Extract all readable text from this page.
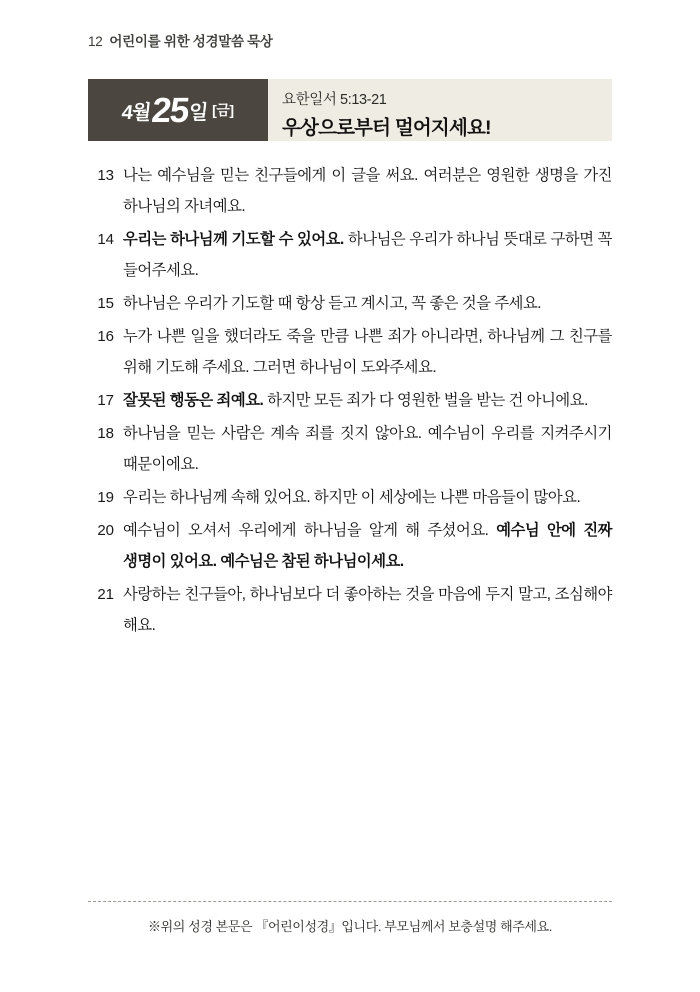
12 어린이를 위한 성경말씀 묵상
4월
25
일 [금]
요한일서 5:13-21
우상으로부터 멀어지세요!
13 나는 예수님을 믿는 친구들에게 이 글을 써요. 여러분은 영원한 생명을 가진 하나님의 자녀예요.
14 우리는 하나님께 기도할 수 있어요. 하나님은 우리가 하나님 뜻대로 구하면 꼭 들어주세요.
15 하나님은 우리가 기도할 때 항상 듣고 계시고, 꼭 좋은 것을 주세요.
16 누가 나쁜 일을 했더라도 죽을 만큼 나쁜 죄가 아니라면, 하나님께 그 친구를 위해 기도해 주세요. 그러면 하나님이 도와주세요.
17 잘못된 행동은 죄예요. 하지만 모든 죄가 다 영원한 벌을 받는 건 아니에요.
18 하나님을 믿는 사람은 계속 죄를 짓지 않아요. 예수님이 우리를 지켜주시기 때문이에요.
19 우리는 하나님께 속해 있어요. 하지만 이 세상에는 나쁜 마음들이 많아요.
20 예수님이 오셔서 우리에게 하나님을 알게 해 주셨어요. 예수님 안에 진짜 생명이 있어요. 예수님은 참된 하나님이세요.
21 사랑하는 친구들아, 하나님보다 더 좋아하는 것을 마음에 두지 말고, 조심해야 해요.
※위의 성경 본문은 『어린이성경』입니다. 부모님께서 보충설명 해주세요.
